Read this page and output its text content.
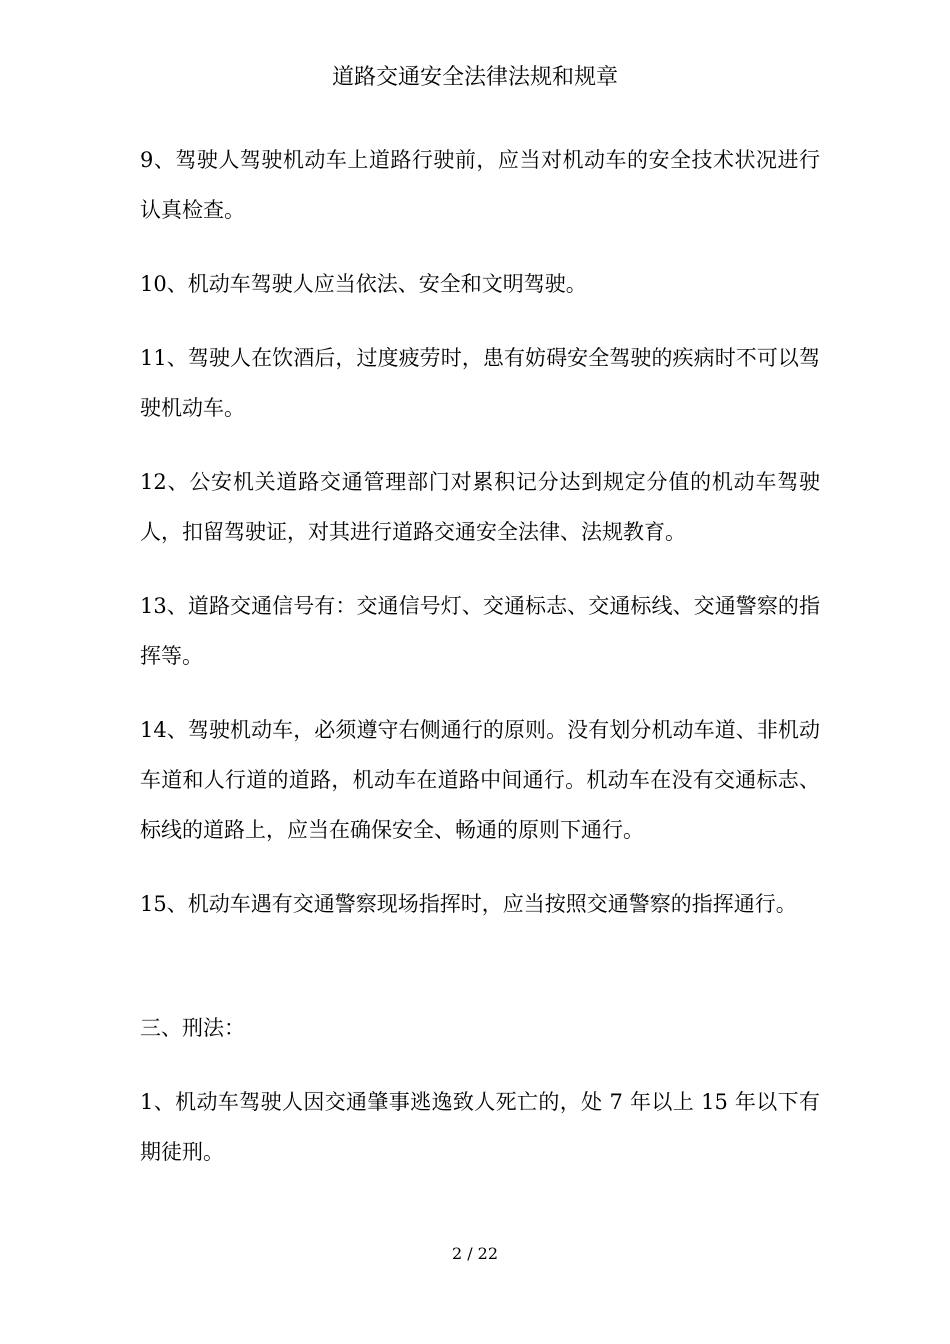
道路交通安全法律法规和规章

9、驾驶人驾驶机动车上道路行驶前，应当对机动车的安全技术状况进行认真检查。

10、机动车驾驶人应当依法、安全和文明驾驶。

11、驾驶人在饮酒后，过度疲劳时，患有妨碍安全驾驶的疾病时不可以驾驶机动车。

12、公安机关道路交通管理部门对累积记分达到规定分值的机动车驾驶人，扣留驾驶证，对其进行道路交通安全法律、法规教育。

13、道路交通信号有：交通信号灯、交通标志、交通标线、交通警察的指挥等。

14、驾驶机动车，必须遵守右侧通行的原则。没有划分机动车道、非机动车道和人行道的道路，机动车在道路中间通行。机动车在没有交通标志、标线的道路上，应当在确保安全、畅通的原则下通行。

15、机动车遇有交通警察现场指挥时，应当按照交通警察的指挥通行。

三、刑法：

1、机动车驾驶人因交通肇事逃逸致人死亡的，处 7 年以上 15 年以下有期徒刑。

2 / 22
